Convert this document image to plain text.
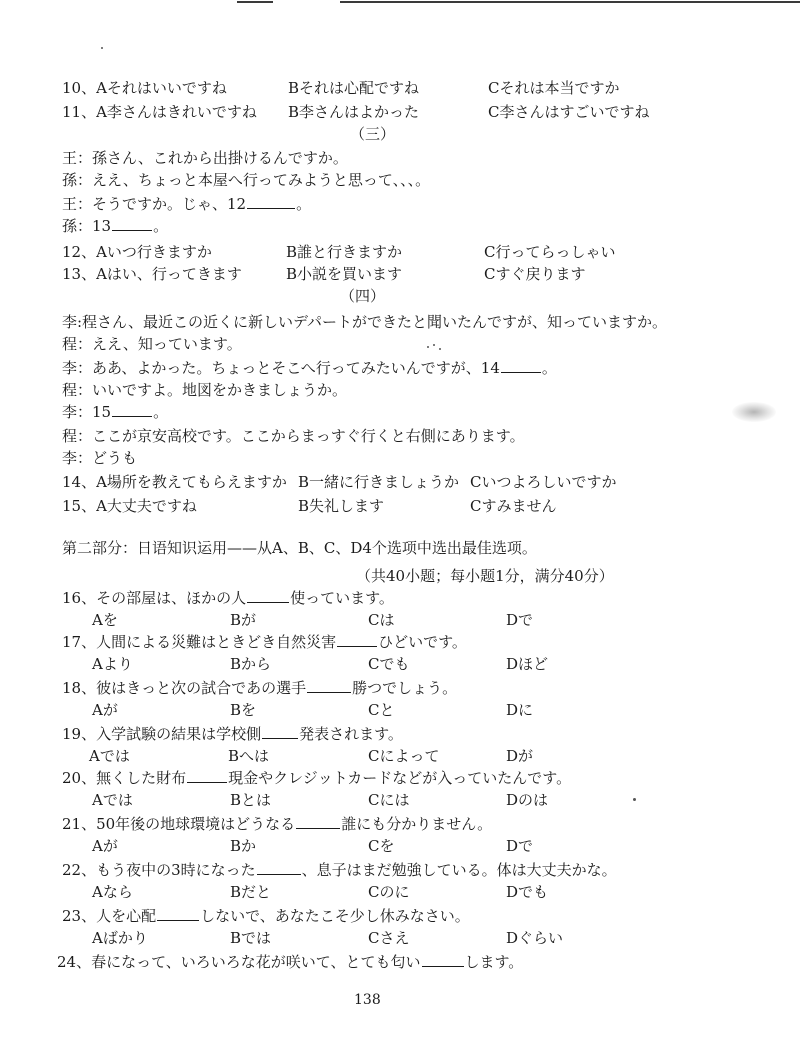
10、Aそれはいいですね	Bそれは心配ですね	Cそれは本当ですか
11、A李さんはきれいですね B李さんはよかった	C李さんはすごいですね
（三）
王：孫さん、これから出掛けるんですか。
孫：ええ、ちょっと本屋へ行ってみようと思って、、、。
王：そうですか。じゃ、12	。
孫：13	。
12、Aいつ行きますか	B誰と行きますか	C行ってらっしゃい
13、Aはい、行ってきます	B小説を買います	Cすぐ戻ります
（四）
李:程さん、最近この近くに新しいデパートができたと聞いたんですが、知っていますか。
程：ええ、知っています。
李：ああ、よかった。ちょっとそこへ行ってみたいんですが、14	。
程：いいですよ。地図をかきましょうか。
李：15	。
程：ここが京安高校です。ここからまっすぐ行くと右側にあります。
李：どうも
14、A場所を教えてもらえますか B一緒に行きましょうか Cいつよろしいですか
15、A大丈夫ですね	B失礼します	Cすみません
第二部分：日语知识运用——从A、B、C、D4个选项中选出最佳选项。
（共40小题；每小题1分，满分40分）
16、その部屋は、ほかの人	使っています。
Aを	Bが	Cは	Dで
17、人間による災難はときどき自然災害	ひどいです。
Aより	Bから	Cでも	Dほど
18、彼はきっと次の試合であの選手	勝つでしょう。
Aが	Bを	Cと	Dに
19、入学試験の結果は学校側	発表されます。
Aでは	Bへは	Cによって	Dが
20、無くした財布	現金やクレジットカードなどが入っていたんです。
Aでは	Bとは	Cには	Dのは
21、50年後の地球環境はどうなる	誰にも分かりません。
Aが	Bか	Cを	Dで
22、もう夜中の3時になった	、息子はまだ勉強している。体は大丈夫かな。
Aなら	Bだと	Cのに	Dでも
23、人を心配	しないで、あなたこそ少し休みなさい。
Aばかり	Bでは	Cさえ	Dぐらい
24、春になって、いろいろな花が咲いて、とても匂い	します。
138
